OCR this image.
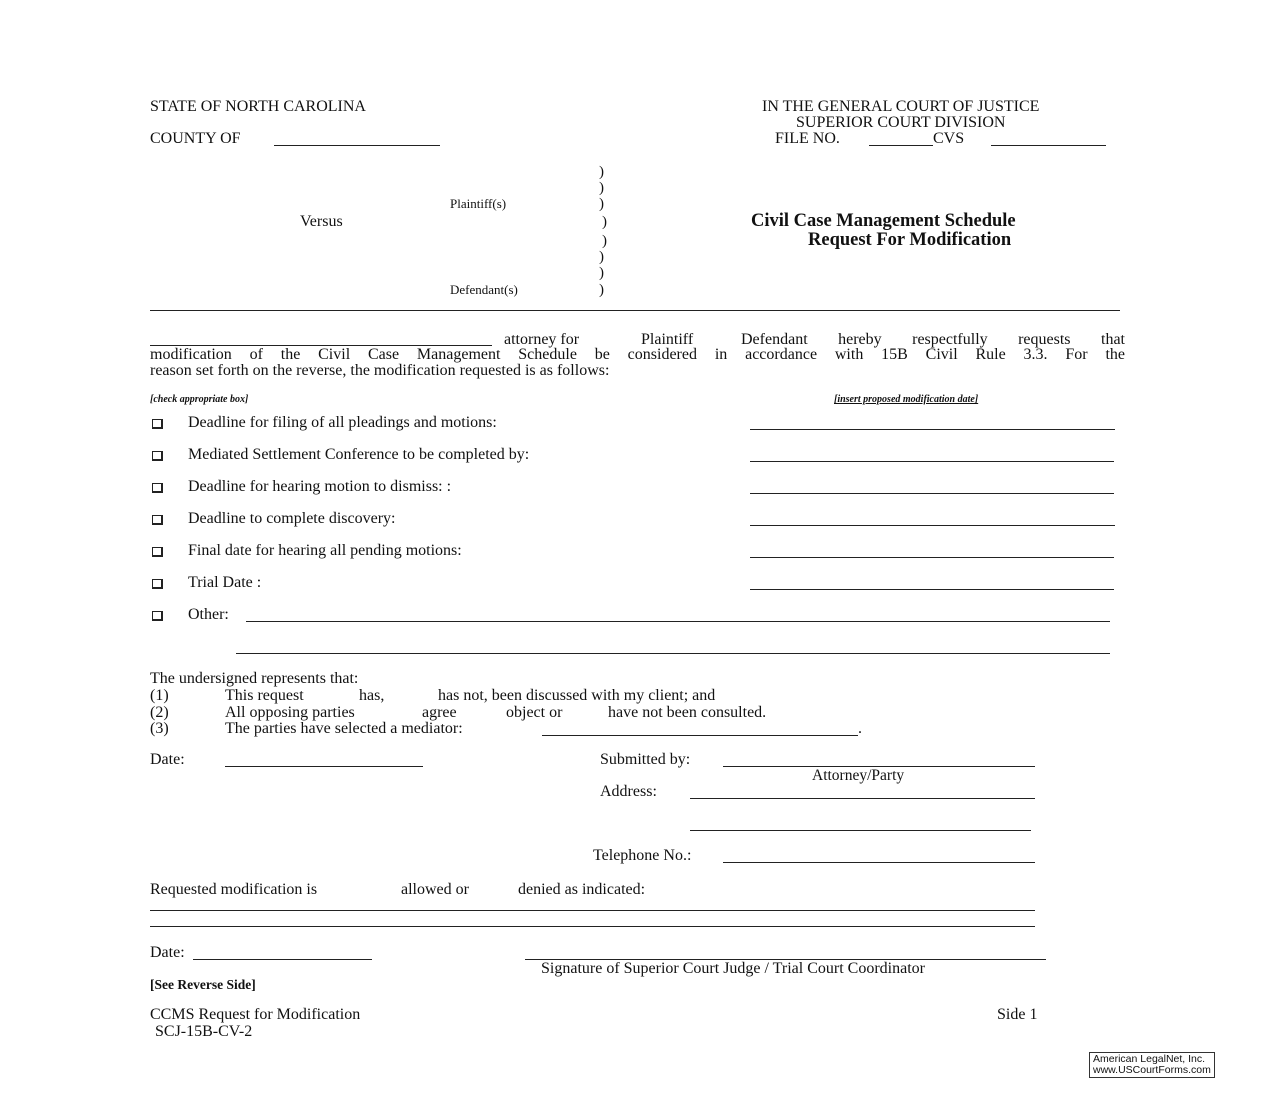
STATE OF NORTH CAROLINA
COUNTY OF
IN THE GENERAL COURT OF JUSTICE
SUPERIOR COURT DIVISION
FILE NO.	CVS
Plaintiff(s)
Versus
Defendant(s)
)
)
)
)
)
)
)
)
Civil Case Management Schedule
Request For Modification
attorney for	Plaintiff	Defendant hereby respectfully requests that
modification of the Civil Case Management Schedule be considered in accordance with 15B Civil Rule 3.3. For the
reason set forth on the reverse, the modification requested is as follows:
[check appropriate box]	[insert proposed modification date]
Deadline for filing of all pleadings and motions:
Mediated Settlement Conference to be completed by:
Deadline for hearing motion to dismiss: :
Deadline to complete discovery:
Final date for hearing all pending motions:
Trial Date :
Other:
The undersigned represents that:
(1)	This request	has,	has not, been discussed with my client; and
(2)	All opposing parties	agree	object or	have not been consulted.
(3)	The parties have selected a mediator:	.
Date:	Submitted by:
Attorney/Party
Address:
Telephone No.:
Requested modification is	allowed or	denied as indicated:
Date:
Signature of Superior Court Judge / Trial Court Coordinator
[See Reverse Side]
CCMS Request for Modification
SCJ-15B-CV-2
Side 1
American LegalNet, Inc.
www.USCourtForms.com
